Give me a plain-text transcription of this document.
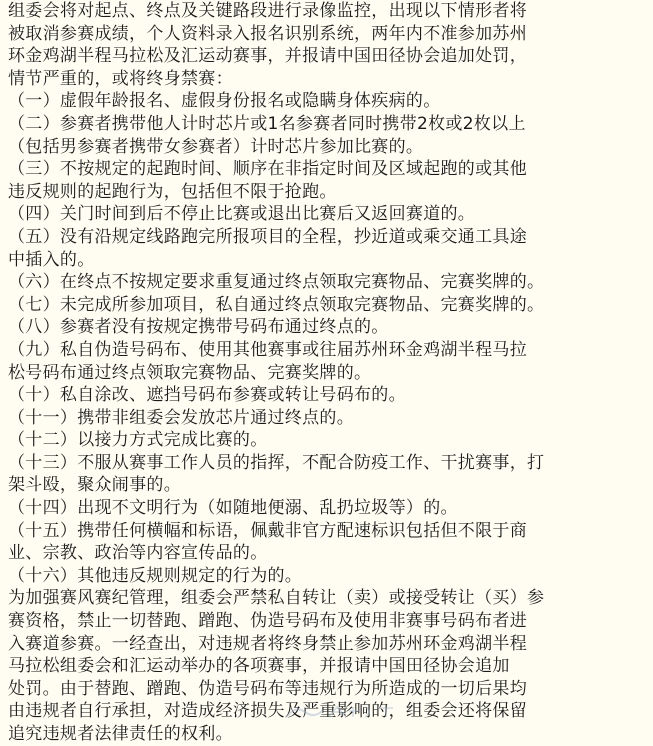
组委会将对起点、终点及关键路段进行录像监控，出现以下情形者将
被取消参赛成绩，个人资料录入报名识别系统，两年内不准参加苏州
环金鸡湖半程马拉松及汇运动赛事，并报请中国田径协会追加处罚，
情节严重的，或将终身禁赛：
（一）虚假年龄报名、虚假身份报名或隐瞒身体疾病的。
（二）参赛者携带他人计时芯片或1名参赛者同时携带2枚或2枚以上
（包括男参赛者携带女参赛者）计时芯片参加比赛的。
（三）不按规定的起跑时间、顺序在非指定时间及区域起跑的或其他
违反规则的起跑行为，包括但不限于抢跑。
（四）关门时间到后不停止比赛或退出比赛后又返回赛道的。
（五）没有沿规定线路跑完所报项目的全程，抄近道或乘交通工具途
中插入的。
（六）在终点不按规定要求重复通过终点领取完赛物品、完赛奖牌的。
（七）未完成所参加项目，私自通过终点领取完赛物品、完赛奖牌的。
（八）参赛者没有按规定携带号码布通过终点的。
（九）私自伪造号码布、使用其他赛事或往届苏州环金鸡湖半程马拉
松号码布通过终点领取完赛物品、完赛奖牌的。
（十）私自涂改、遮挡号码布参赛或转让号码布的。
（十一）携带非组委会发放芯片通过终点的。
（十二）以接力方式完成比赛的。
（十三）不服从赛事工作人员的指挥，不配合防疫工作、干扰赛事，打
架斗殴，聚众闹事的。
（十四）出现不文明行为（如随地便溺、乱扔垃圾等）的。
（十五）携带任何横幅和标语，佩戴非官方配速标识包括但不限于商
业、宗教、政治等内容宣传品的。
（十六）其他违反规则规定的行为的。
为加强赛风赛纪管理，组委会严禁私自转让（卖）或接受转让（买）参
赛资格，禁止一切替跑、蹭跑、伪造号码布及使用非赛事号码布者进
入赛道参赛。一经查出，对违规者将终身禁止参加苏州环金鸡湖半程
马拉松组委会和汇运动举办的各项赛事，并报请中国田径协会追加
处罚。由于替跑、蹭跑、伪造号码布等违规行为所造成的一切后果均
由违规者自行承担，对造成经济损失及严重影响的，组委会还将保留
追究违规者法律责任的权利。
